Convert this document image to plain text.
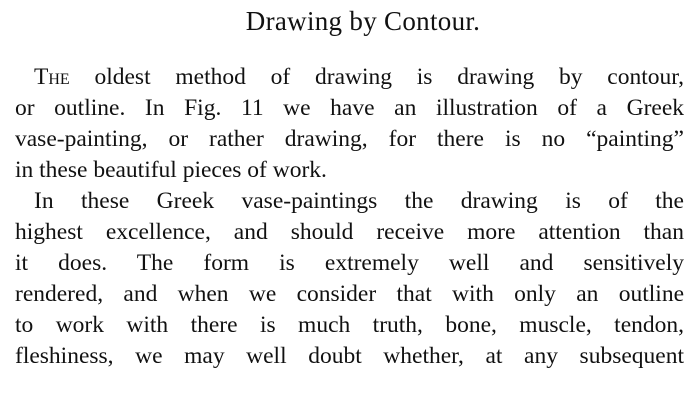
Drawing by Contour.
The oldest method of drawing is drawing by contour,
or outline. In Fig. 11 we have an illustration of a Greek
vase-painting, or rather drawing, for there is no “painting”
in these beautiful pieces of work.
In these Greek vase-paintings the drawing is of the
highest excellence, and should receive more attention than
it does. The form is extremely well and sensitively
rendered, and when we consider that with only an outline
to work with there is much truth, bone, muscle, tendon,
fleshiness, we may well doubt whether, at any subsequent
